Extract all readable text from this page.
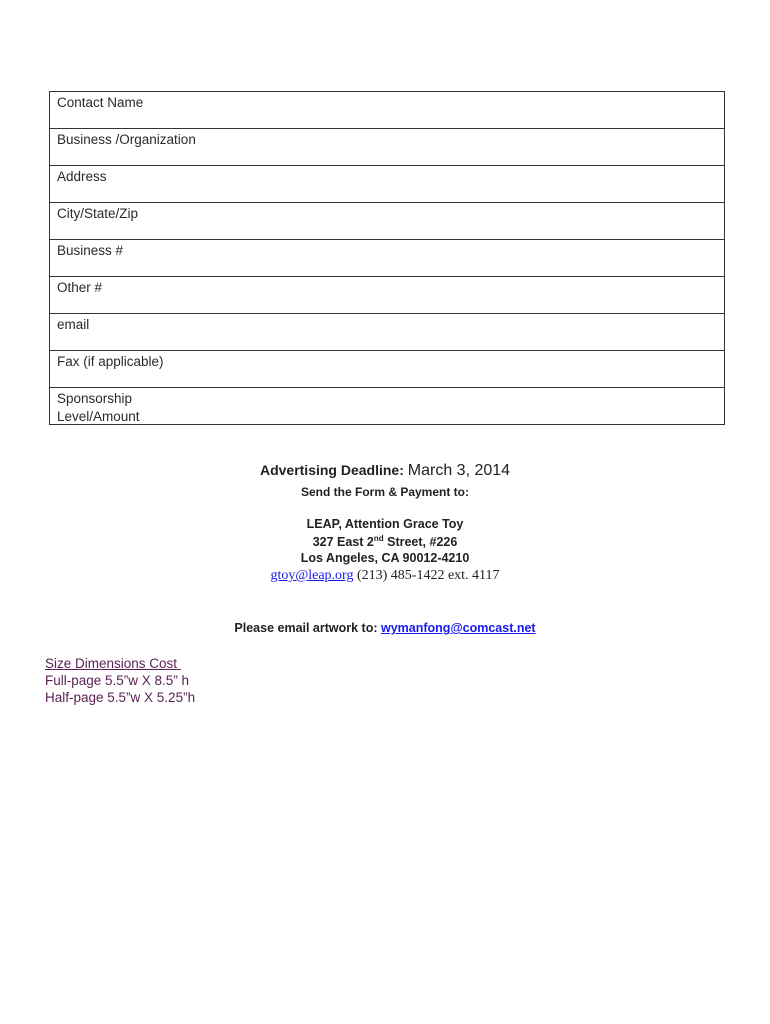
Contact Name
Business /Organization
Address
City/State/Zip
Business #
Other #
email
Fax (if applicable)
Sponsorship
Level/Amount
Advertising Deadline: March 3, 2014
Send the Form & Payment to:
LEAP, Attention Grace Toy
327 East 2nd Street, #226
Los Angeles, CA 90012-4210
gtoy@leap.org (213) 485-1422 ext. 4117
Please email artwork to: wymanfong@comcast.net
Size Dimensions Cost
Full-page 5.5”w X 8.5” h
Half-page 5.5”w X 5.25”h
